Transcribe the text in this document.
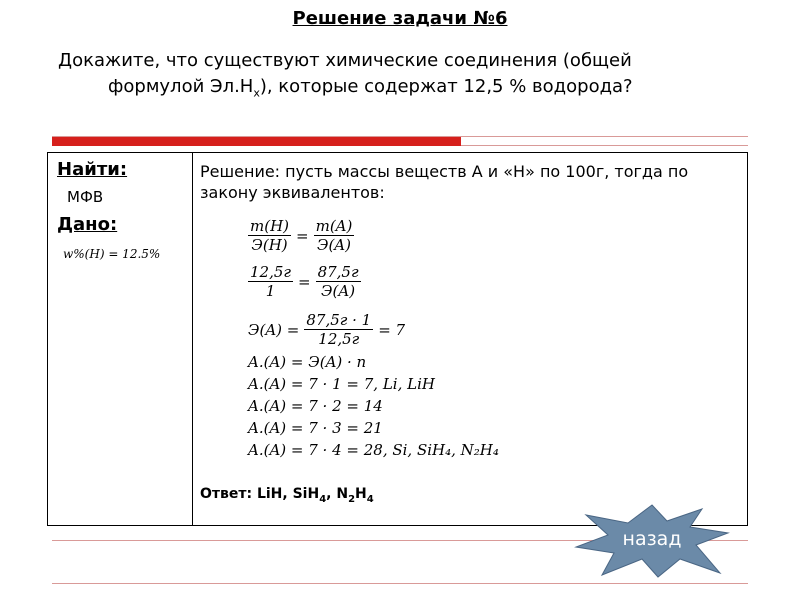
Решение задачи №6
Докажите, что существуют химические соединения (общей
формулой $Эл.Н_х$), которые содержат 12,5 % водорода?
Найти:
МФВ
Дано:
w%(H) = 12.5%
Решение: пусть массы веществ А и «Н» по 100г, тогда по закону эквивалентов:
$\frac{m(H)}{Э(H)} = \frac{m(A)}{Э(A)}$
$\frac{12,5г}{1} = \frac{87,5г}{Э(A)}$
$Э(A) = \frac{87,5г \cdot 1}{12,5г} = 7$
A.(A) = Э(A) · n
A.(A) = 7 · 1 = 7, Li, LiH
A.(A) = 7 · 2 = 14
A.(A) = 7 · 3 = 21
A.(A) = 7 · 4 = 28, Si, SiH₄, N₂H₄
Ответ: LiH, SiH$_4$, $N_2H_4$
назад
